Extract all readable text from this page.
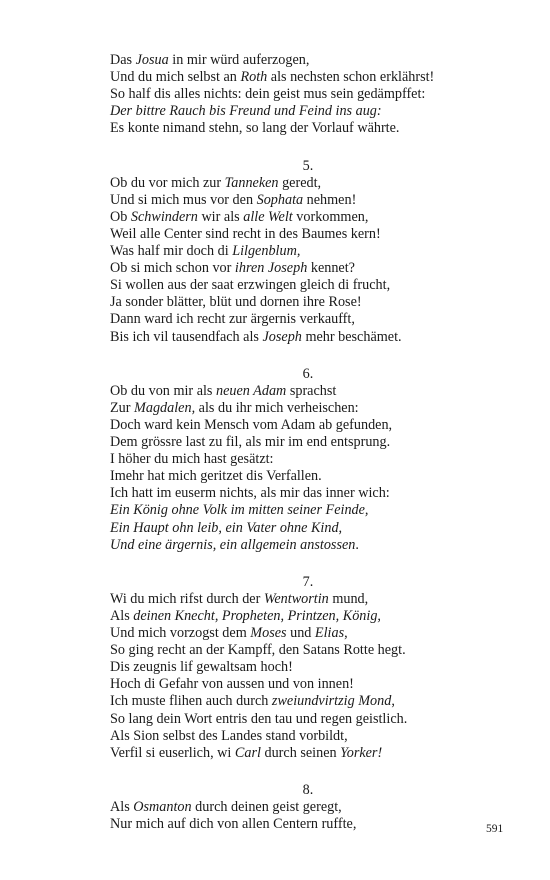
Das Josua in mir würd auferzogen,
Und du mich selbst an Roth als nechsten schon erklährst!
So half dis alles nichts: dein geist mus sein gedämpffet:
Der bittre Rauch bis Freund und Feind ins aug:
Es konte nimand stehn, so lang der Vorlauf währte.
5.
Ob du vor mich zur Tanneken geredt,
Und si mich mus vor den Sophata nehmen!
Ob Schwindern wir als alle Welt vorkommen,
Weil alle Center sind recht in des Baumes kern!
Was half mir doch di Lilgenblum,
Ob si mich schon vor ihren Joseph kennet?
Si wollen aus der saat erzwingen gleich di frucht,
Ja sonder blätter, blüt und dornen ihre Rose!
Dann ward ich recht zur ärgernis verkaufft,
Bis ich vil tausendfach als Joseph mehr beschämet.
6.
Ob du von mir als neuen Adam sprachst
Zur Magdalen, als du ihr mich verheischen:
Doch ward kein Mensch vom Adam ab gefunden,
Dem grössre last zu fil, als mir im end entsprung.
I höher du mich hast gesätzt:
Imehr hat mich geritzet dis Verfallen.
Ich hatt im euserm nichts, als mir das inner wich:
Ein König ohne Volk im mitten seiner Feinde,
Ein Haupt ohn leib, ein Vater ohne Kind,
Und eine ärgernis, ein allgemein anstossen.
7.
Wi du mich rifst durch der Wentwortin mund,
Als deinen Knecht, Propheten, Printzen, König,
Und mich vorzogst dem Moses und Elias,
So ging recht an der Kampff, den Satans Rotte hegt.
Dis zeugnis lif gewaltsam hoch!
Hoch di Gefahr von aussen und von innen!
Ich muste flihen auch durch zweiundvirtzig Mond,
So lang dein Wort entris den tau und regen geistlich.
Als Sion selbst des Landes stand vorbildt,
Verfil si euserlich, wi Carl durch seinen Yorker!
8.
Als Osmanton durch deinen geist geregt,
Nur mich auf dich von allen Centern ruffte,	591
